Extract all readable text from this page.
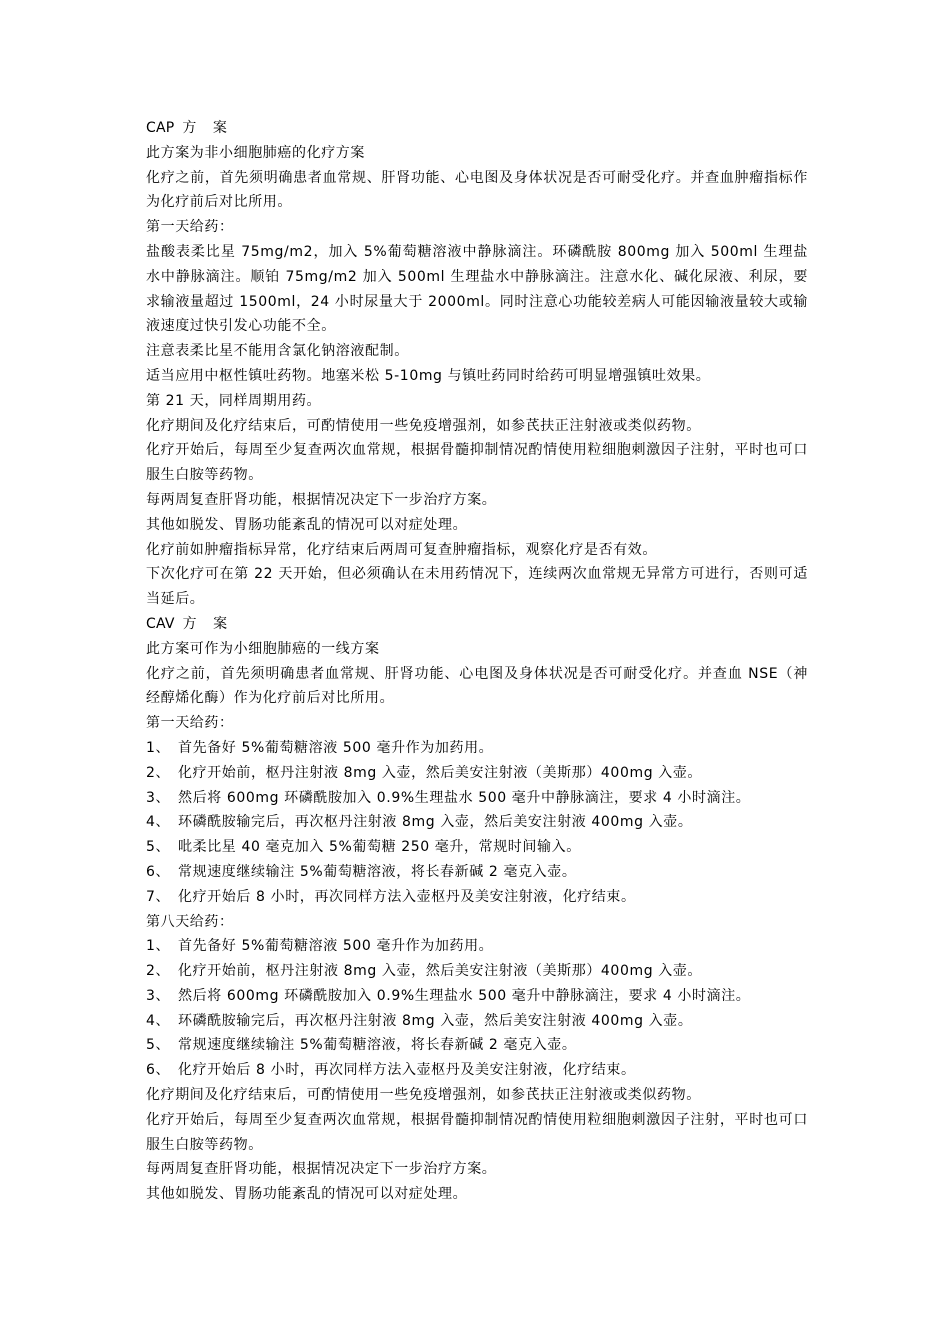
CAP 方 案

此方案为非小细胞肺癌的化疗方案

化疗之前，首先须明确患者血常规、肝肾功能、心电图及身体状况是否可耐受化疗。并查血肿瘤指标作为化疗前后对比所用。

第一天给药：

盐酸表柔比星 75mg/m2，加入 5%葡萄糖溶液中静脉滴注。环磷酰胺 800mg 加入 500ml 生理盐水中静脉滴注。顺铂 75mg/m2 加入 500ml 生理盐水中静脉滴注。注意水化、碱化尿液、利尿，要求输液量超过 1500ml，24 小时尿量大于 2000ml。同时注意心功能较差病人可能因输液量较大或输液速度过快引发心功能不全。

注意表柔比星不能用含氯化钠溶液配制。

适当应用中枢性镇吐药物。地塞米松 5-10mg 与镇吐药同时给药可明显增强镇吐效果。

第 21 天，同样周期用药。

化疗期间及化疗结束后，可酌情使用一些免疫增强剂，如参芪扶正注射液或类似药物。

化疗开始后，每周至少复查两次血常规，根据骨髓抑制情况酌情使用粒细胞刺激因子注射，平时也可口服生白胺等药物。

每两周复查肝肾功能，根据情况决定下一步治疗方案。

其他如脱发、胃肠功能紊乱的情况可以对症处理。

化疗前如肿瘤指标异常，化疗结束后两周可复查肿瘤指标，观察化疗是否有效。

下次化疗可在第 22 天开始，但必须确认在未用药情况下，连续两次血常规无异常方可进行，否则可适当延后。

CAV 方 案

此方案可作为小细胞肺癌的一线方案

化疗之前，首先须明确患者血常规、肝肾功能、心电图及身体状况是否可耐受化疗。并查血 NSE（神经醇烯化酶）作为化疗前后对比所用。

第一天给药：

1、 首先备好 5%葡萄糖溶液 500 毫升作为加药用。
2、 化疗开始前，枢丹注射液 8mg 入壶，然后美安注射液（美斯那）400mg 入壶。
3、 然后将 600mg 环磷酰胺加入 0.9%生理盐水 500 毫升中静脉滴注，要求 4 小时滴注。
4、 环磷酰胺输完后，再次枢丹注射液 8mg 入壶，然后美安注射液 400mg 入壶。
5、 吡柔比星 40 毫克加入 5%葡萄糖 250 毫升，常规时间输入。
6、 常规速度继续输注 5%葡萄糖溶液，将长春新碱 2 毫克入壶。
7、 化疗开始后 8 小时，再次同样方法入壶枢丹及美安注射液，化疗结束。

第八天给药：

1、 首先备好 5%葡萄糖溶液 500 毫升作为加药用。
2、 化疗开始前，枢丹注射液 8mg 入壶，然后美安注射液（美斯那）400mg 入壶。
3、 然后将 600mg 环磷酰胺加入 0.9%生理盐水 500 毫升中静脉滴注，要求 4 小时滴注。
4、 环磷酰胺输完后，再次枢丹注射液 8mg 入壶，然后美安注射液 400mg 入壶。
5、 常规速度继续输注 5%葡萄糖溶液，将长春新碱 2 毫克入壶。
6、 化疗开始后 8 小时，再次同样方法入壶枢丹及美安注射液，化疗结束。

化疗期间及化疗结束后，可酌情使用一些免疫增强剂，如参芪扶正注射液或类似药物。

化疗开始后，每周至少复查两次血常规，根据骨髓抑制情况酌情使用粒细胞刺激因子注射，平时也可口服生白胺等药物。

每两周复查肝肾功能，根据情况决定下一步治疗方案。

其他如脱发、胃肠功能紊乱的情况可以对症处理。
